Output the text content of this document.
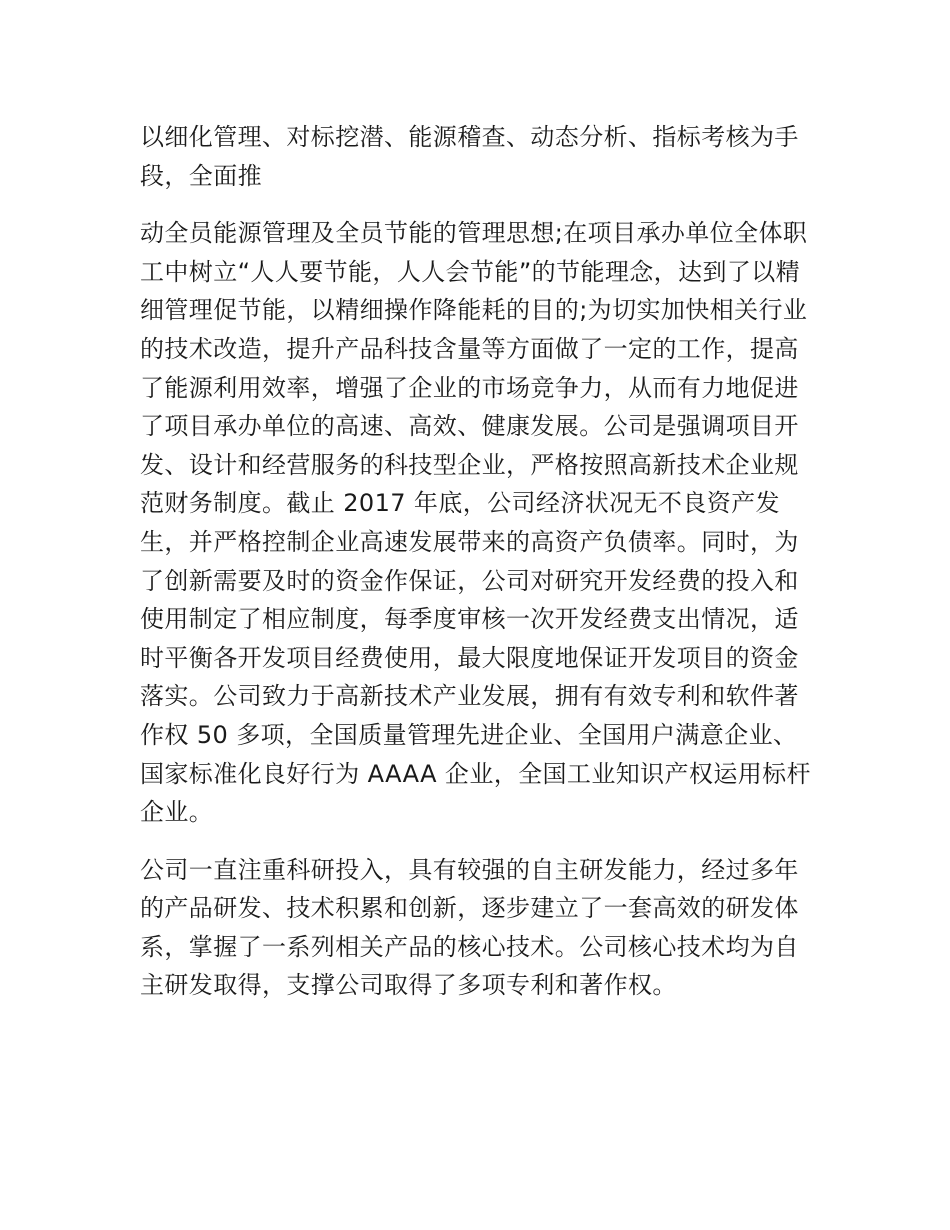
以细化管理、对标挖潜、能源稽查、动态分析、指标考核为手段，全面推

动全员能源管理及全员节能的管理思想;在项目承办单位全体职工中树立“人人要节能，人人会节能”的节能理念，达到了以精细管理促节能，以精细操作降能耗的目的;为切实加快相关行业的技术改造，提升产品科技含量等方面做了一定的工作，提高了能源利用效率，增强了企业的市场竞争力，从而有力地促进了项目承办单位的高速、高效、健康发展。公司是强调项目开发、设计和经营服务的科技型企业，严格按照高新技术企业规范财务制度。截止 2017 年底，公司经济状况无不良资产发生，并严格控制企业高速发展带来的高资产负债率。同时，为了创新需要及时的资金作保证，公司对研究开发经费的投入和使用制定了相应制度，每季度审核一次开发经费支出情况，适时平衡各开发项目经费使用，最大限度地保证开发项目的资金落实。公司致力于高新技术产业发展，拥有有效专利和软件著作权 50 多项，全国质量管理先进企业、全国用户满意企业、国家标准化良好行为 AAAA 企业，全国工业知识产权运用标杆企业。

公司一直注重科研投入，具有较强的自主研发能力，经过多年的产品研发、技术积累和创新，逐步建立了一套高效的研发体系，掌握了一系列相关产品的核心技术。公司核心技术均为自主研发取得，支撑公司取得了多项专利和著作权。
